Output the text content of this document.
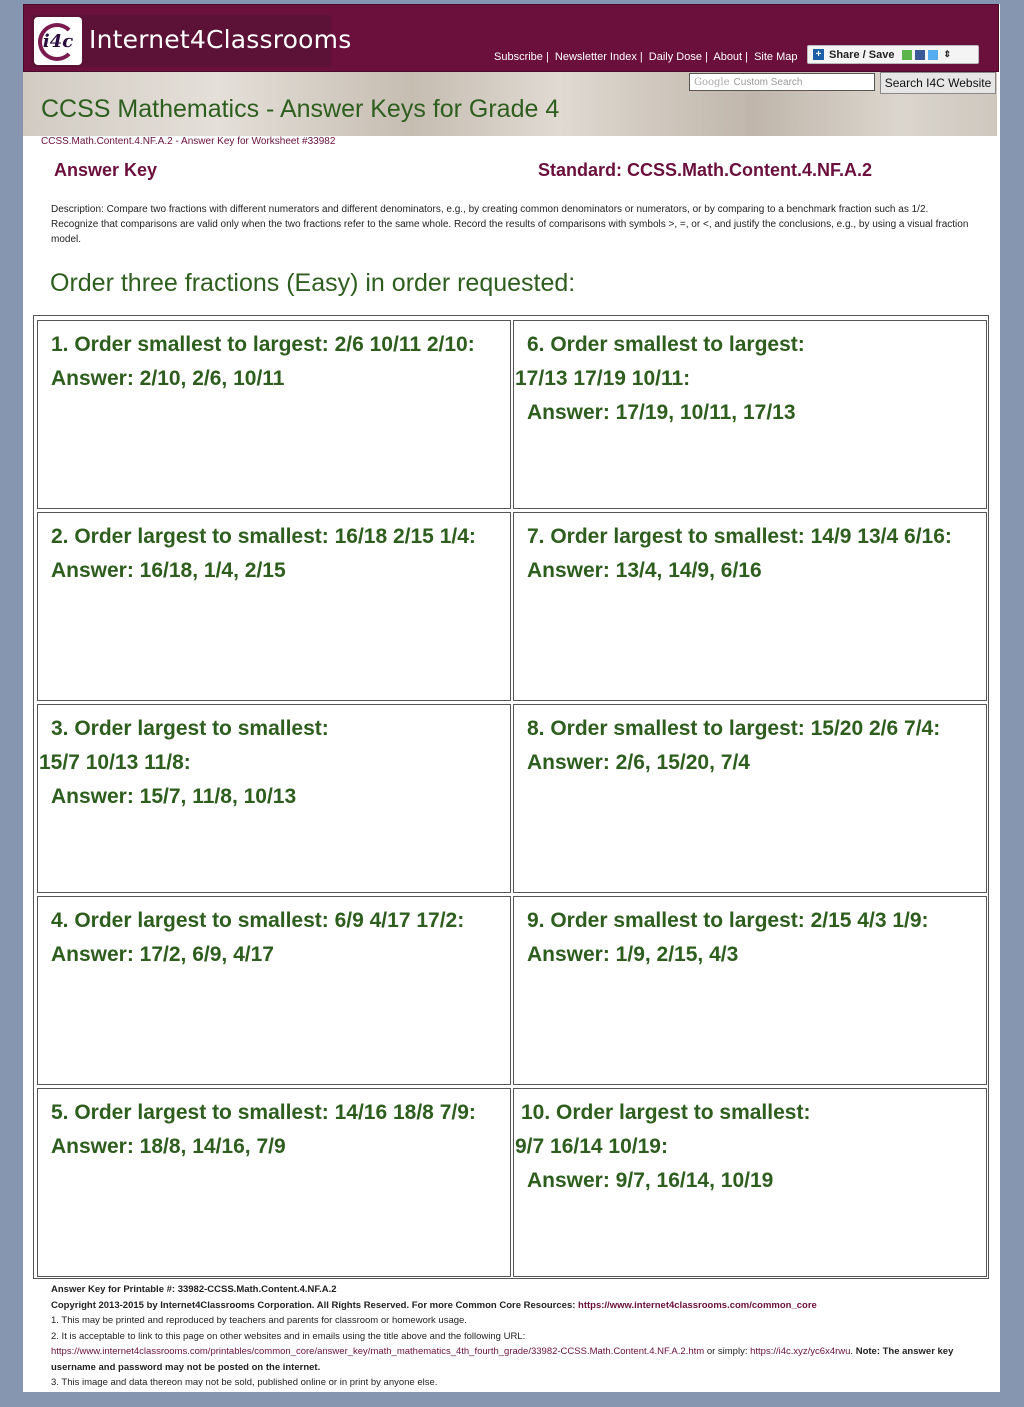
i4c Internet4Classrooms
Subscribe | Newsletter Index | Daily Dose | About | Site Map	+ Share / Save	⇕
Google Custom Search	Search I4C Website
CCSS Mathematics - Answer Keys for Grade 4
CCSS.Math.Content.4.NF.A.2 - Answer Key for Worksheet #33982
Answer Key	Standard: CCSS.Math.Content.4.NF.A.2
Description: Compare two fractions with different numerators and different denominators, e.g., by creating common denominators or numerators, or by comparing to a benchmark fraction such as 1/2. Recognize that comparisons are valid only when the two fractions refer to the same whole. Record the results of comparisons with symbols >, =, or <, and justify the conclusions, e.g., by using a visual fraction model.
Order three fractions (Easy) in order requested:
1. Order smallest to largest: 2/6 10/11 2/10:
Answer: 2/10, 2/6, 10/11
6. Order smallest to largest:
17/13 17/19 10/11:
Answer: 17/19, 10/11, 17/13
2. Order largest to smallest: 16/18 2/15 1/4:
Answer: 16/18, 1/4, 2/15
7. Order largest to smallest: 14/9 13/4 6/16:
Answer: 13/4, 14/9, 6/16
3. Order largest to smallest:
15/7 10/13 11/8:
Answer: 15/7, 11/8, 10/13
8. Order smallest to largest: 15/20 2/6 7/4:
Answer: 2/6, 15/20, 7/4
4. Order largest to smallest: 6/9 4/17 17/2:
Answer: 17/2, 6/9, 4/17
9. Order smallest to largest: 2/15 4/3 1/9:
Answer: 1/9, 2/15, 4/3
5. Order largest to smallest: 14/16 18/8 7/9:
Answer: 18/8, 14/16, 7/9
10. Order largest to smallest:
9/7 16/14 10/19:
Answer: 9/7, 16/14, 10/19
Answer Key for Printable #: 33982-CCSS.Math.Content.4.NF.A.2
Copyright 2013-2015 by Internet4Classrooms Corporation. All Rights Reserved. For more Common Core Resources: https://www.internet4classrooms.com/common_core
1. This may be printed and reproduced by teachers and parents for classroom or homework usage.
2. It is acceptable to link to this page on other websites and in emails using the title above and the following URL:
https://www.internet4classrooms.com/printables/common_core/answer_key/math_mathematics_4th_fourth_grade/33982-CCSS.Math.Content.4.NF.A.2.htm or simply: https://i4c.xyz/yc6x4rwu. Note: The answer key username and password may not be posted on the internet.
3. This image and data thereon may not be sold, published online or in print by anyone else.
